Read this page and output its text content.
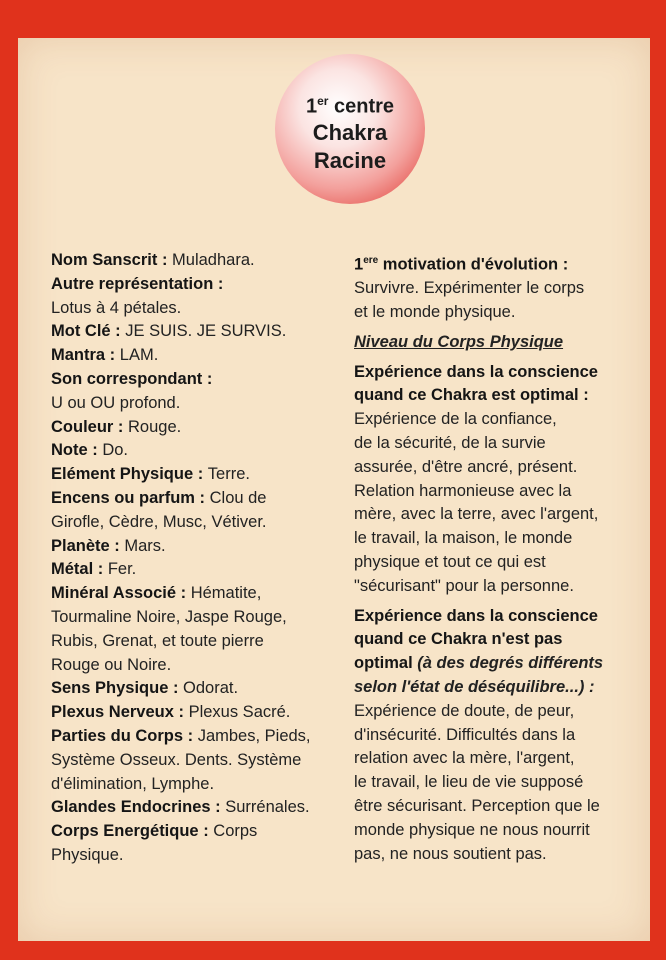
1er centre
Chakra
Racine
Nom Sanscrit : Muladhara.
Autre représentation :
Lotus à 4 pétales.
Mot Clé : JE SUIS. JE SURVIS.
Mantra : LAM.
Son correspondant :
U ou OU profond.
Couleur : Rouge.
Note : Do.
Elément Physique : Terre.
Encens ou parfum : Clou de
Girofle, Cèdre, Musc, Vétiver.
Planète : Mars.
Métal : Fer.
Minéral Associé : Hématite,
Tourmaline Noire, Jaspe Rouge,
Rubis, Grenat, et toute pierre
Rouge ou Noire.
Sens Physique : Odorat.
Plexus Nerveux : Plexus Sacré.
Parties du Corps : Jambes, Pieds,
Système Osseux. Dents. Système
d'élimination, Lymphe.
Glandes Endocrines : Surrénales.
Corps Energétique : Corps
Physique.
1ere motivation d'évolution :
Survivre. Expérimenter le corps
et le monde physique.
Niveau du Corps Physique
Expérience dans la conscience
quand ce Chakra est optimal :
Expérience de la confiance,
de la sécurité, de la survie
assurée, d'être ancré, présent.
Relation harmonieuse avec la
mère, avec la terre, avec l'argent,
le travail, la maison, le monde
physique et tout ce qui est
"sécurisant" pour la personne.
Expérience dans la conscience
quand ce Chakra n'est pas
optimal (à des degrés différents
selon l'état de déséquilibre...) :
Expérience de doute, de peur,
d'insécurité. Difficultés dans la
relation avec la mère, l'argent,
le travail, le lieu de vie supposé
être sécurisant. Perception que le
monde physique ne nous nourrit
pas, ne nous soutient pas.
